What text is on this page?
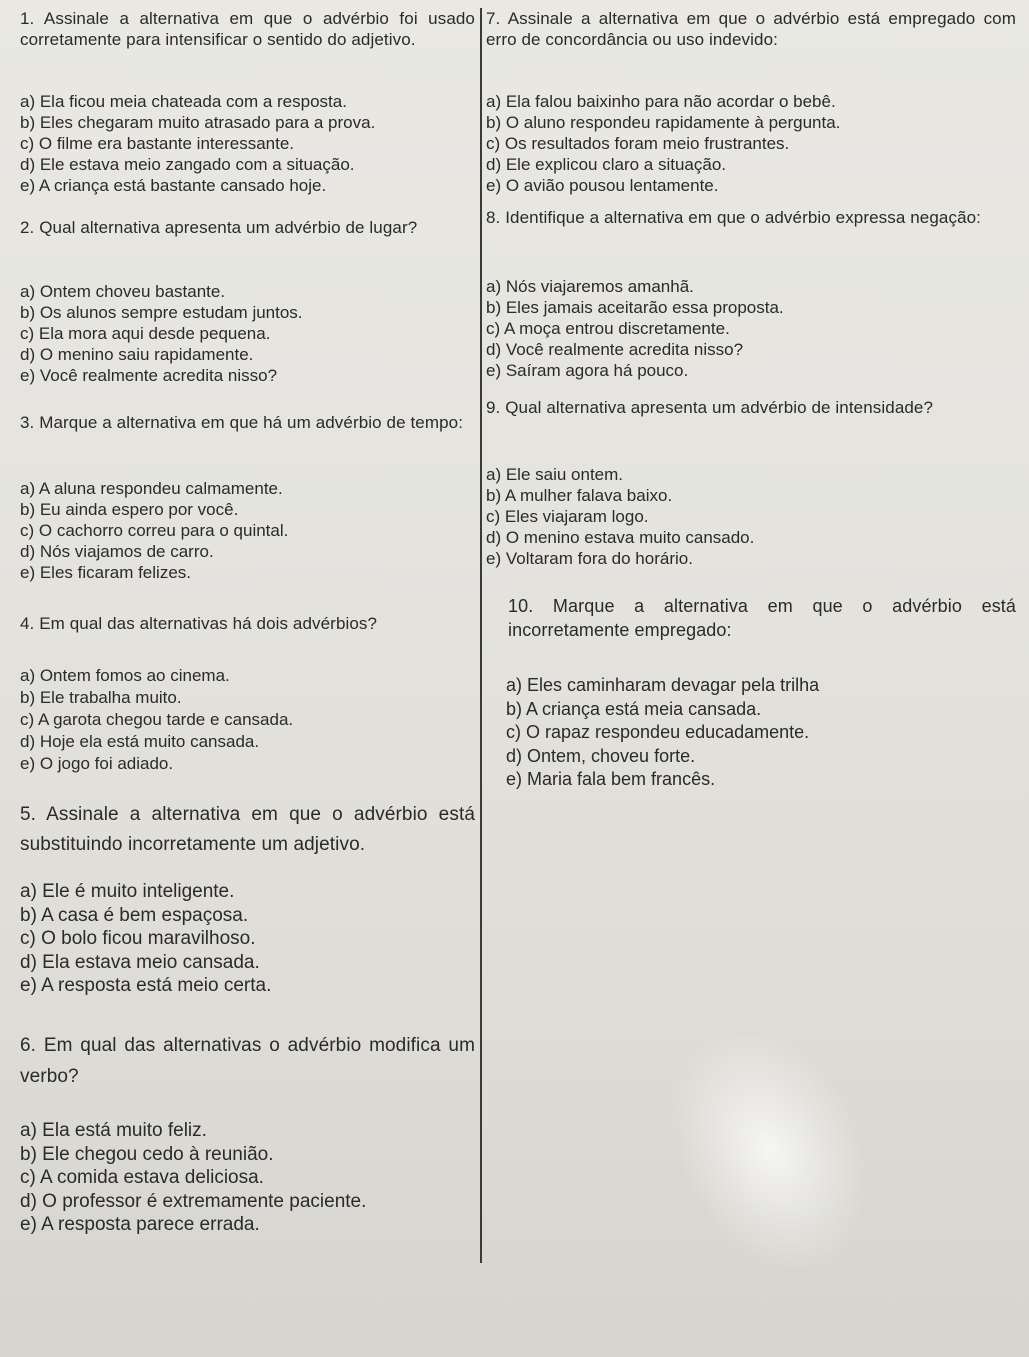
1. Assinale a alternativa em que o advérbio foi usado corretamente para intensificar o sentido do adjetivo.

a) Ela ficou meia chateada com a resposta.
b) Eles chegaram muito atrasado para a prova.
c) O filme era bastante interessante.
d) Ele estava meio zangado com a situação.
e) A criança está bastante cansado hoje.

2. Qual alternativa apresenta um advérbio de lugar?

a) Ontem choveu bastante.
b) Os alunos sempre estudam juntos.
c) Ela mora aqui desde pequena.
d) O menino saiu rapidamente.
e) Você realmente acredita nisso?

3. Marque a alternativa em que há um advérbio de tempo:

a) A aluna respondeu calmamente.
b) Eu ainda espero por você.
c) O cachorro correu para o quintal.
d) Nós viajamos de carro.
e) Eles ficaram felizes.

4. Em qual das alternativas há dois advérbios?

a) Ontem fomos ao cinema.
b) Ele trabalha muito.
c) A garota chegou tarde e cansada.
d) Hoje ela está muito cansada.
e) O jogo foi adiado.

5. Assinale a alternativa em que o advérbio está substituindo incorretamente um adjetivo.

a) Ele é muito inteligente.
b) A casa é bem espaçosa.
c) O bolo ficou maravilhoso.
d) Ela estava meio cansada.
e) A resposta está meio certa.

6. Em qual das alternativas o advérbio modifica um verbo?

a) Ela está muito feliz.
b) Ele chegou cedo à reunião.
c) A comida estava deliciosa.
d) O professor é extremamente paciente.
e) A resposta parece errada.

7. Assinale a alternativa em que o advérbio está empregado com erro de concordância ou uso indevido:

a) Ela falou baixinho para não acordar o bebê.
b) O aluno respondeu rapidamente à pergunta.
c) Os resultados foram meio frustrantes.
d) Ele explicou claro a situação.
e) O avião pousou lentamente.

8. Identifique a alternativa em que o advérbio expressa negação:

a) Nós viajaremos amanhã.
b) Eles jamais aceitarão essa proposta.
c) A moça entrou discretamente.
d) Você realmente acredita nisso?
e) Saíram agora há pouco.

9. Qual alternativa apresenta um advérbio de intensidade?

a) Ele saiu ontem.
b) A mulher falava baixo.
c) Eles viajaram logo.
d) O menino estava muito cansado.
e) Voltaram fora do horário.

10. Marque a alternativa em que o advérbio está incorretamente empregado:

a) Eles caminharam devagar pela trilha
b) A criança está meia cansada.
c) O rapaz respondeu educadamente.
d) Ontem, choveu forte.
e) Maria fala bem francês.
